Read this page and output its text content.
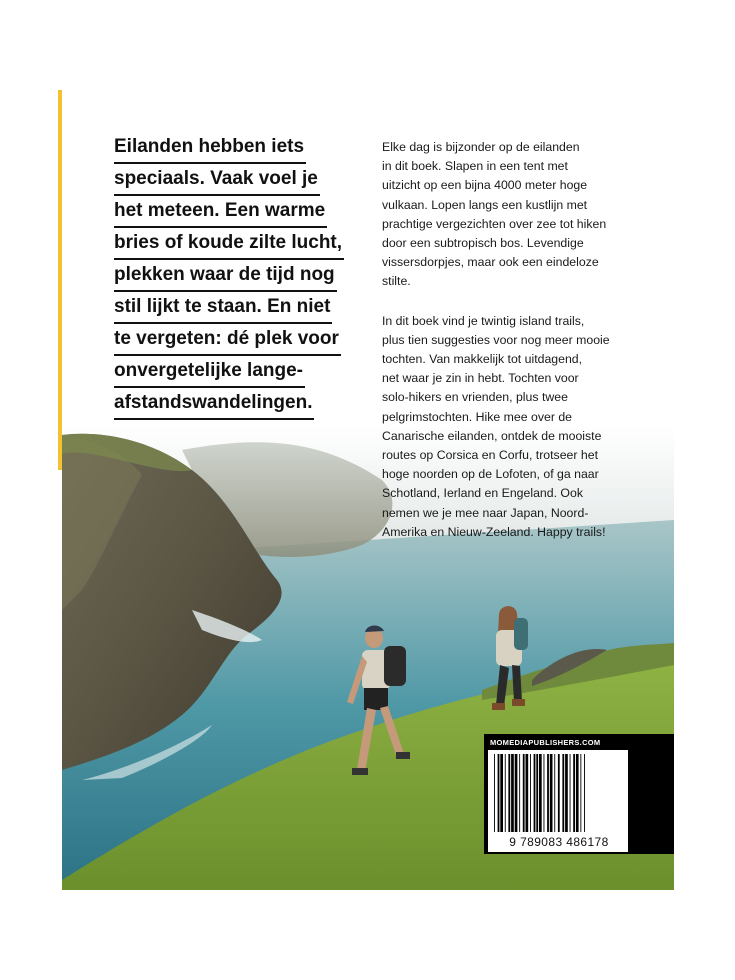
Eilanden hebben iets
speciaals. Vaak voel je
het meteen. Een warme
bries of koude zilte lucht,
plekken waar de tijd nog
stil lijkt te staan. En niet
te vergeten: dé plek voor
onvergetelijke lange-
afstandswandelingen.

Elke dag is bijzonder op de eilanden
in dit boek. Slapen in een tent met
uitzicht op een bijna 4000 meter hoge
vulkaan. Lopen langs een kustlijn met
prachtige vergezichten over zee tot hiken
door een subtropisch bos. Levendige
vissersdorpjes, maar ook een eindeloze
stilte.

In dit boek vind je twintig island trails,
plus tien suggesties voor nog meer mooie
tochten. Van makkelijk tot uitdagend,
net waar je zin in hebt. Tochten voor
solo-hikers en vrienden, plus twee
pelgrimstochten. Hike mee over de
Canarische eilanden, ontdek de mooiste
routes op Corsica en Corfu, trotseer het
hoge noorden op de Lofoten, of ga naar
Schotland, Ierland en Engeland. Ook
nemen we je mee naar Japan, Noord-
Amerika en Nieuw-Zeeland. Happy trails!

MOMEDIAPUBLISHERS.COM
9 789083 486178
